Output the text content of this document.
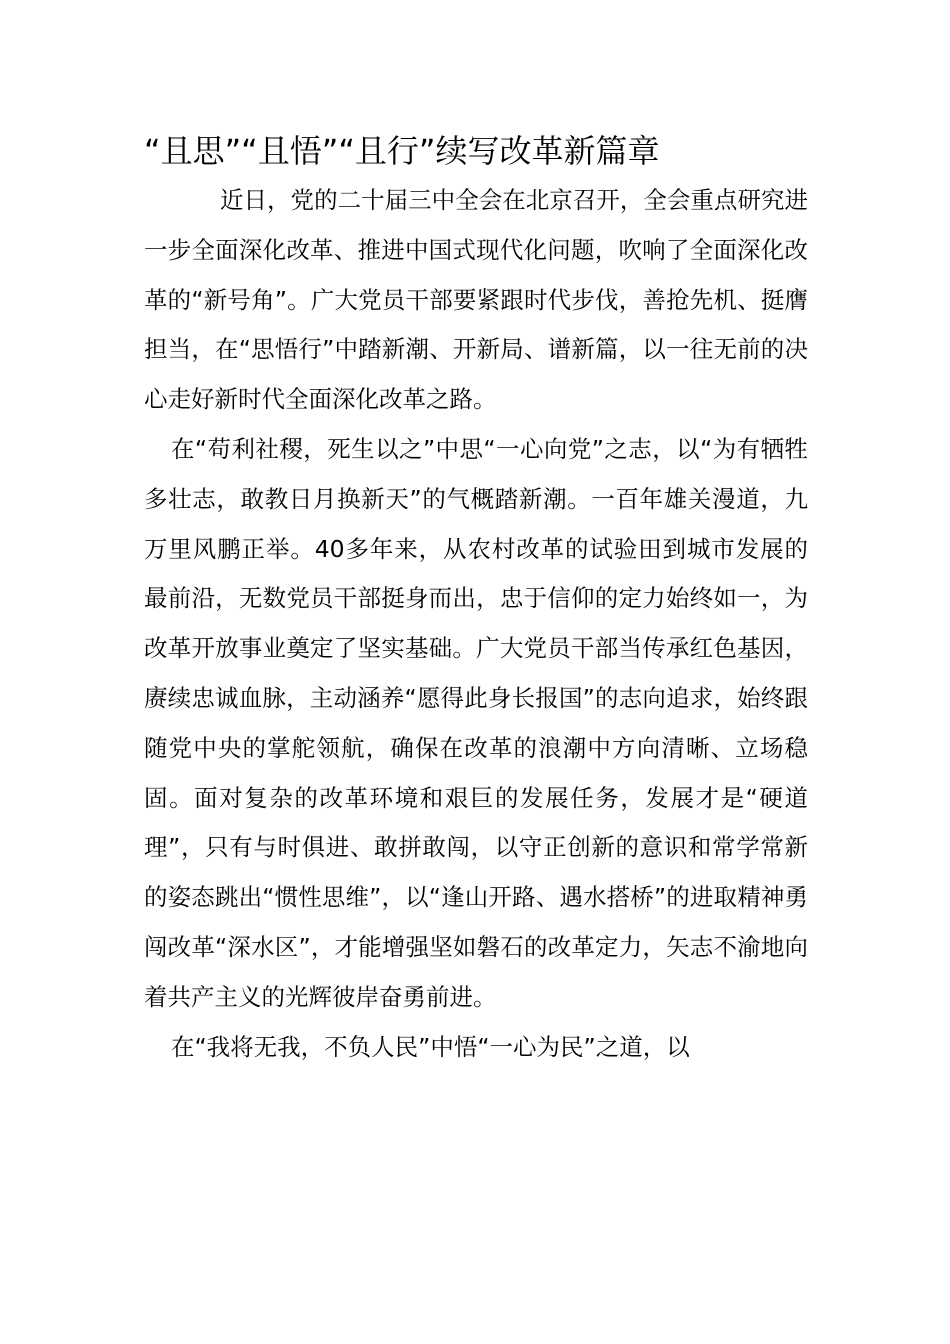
“且思”“且悟”“且行”续写改革新篇章

近日，党的二十届三中全会在北京召开，全会重点研究进一步全面深化改革、推进中国式现代化问题，吹响了全面深化改革的“新号角”。广大党员干部要紧跟时代步伐，善抢先机、挺膺担当，在“思悟行”中踏新潮、开新局、谱新篇，以一往无前的决心走好新时代全面深化改革之路。

在“苟利社稷，死生以之”中思“一心向党”之志，以“为有牺牲多壮志，敢教日月换新天”的气概踏新潮。一百年雄关漫道，九万里风鹏正举。40多年来，从农村改革的试验田到城市发展的最前沿，无数党员干部挺身而出，忠于信仰的定力始终如一，为改革开放事业奠定了坚实基础。广大党员干部当传承红色基因，赓续忠诚血脉，主动涵养“愿得此身长报国”的志向追求，始终跟随党中央的掌舵领航，确保在改革的浪潮中方向清晰、立场稳固。面对复杂的改革环境和艰巨的发展任务，发展才是“硬道理”，只有与时俱进、敢拼敢闯，以守正创新的意识和常学常新的姿态跳出“惯性思维”，以“逢山开路、遇水搭桥”的进取精神勇闯改革“深水区”，才能增强坚如磐石的改革定力，矢志不渝地向着共产主义的光辉彼岸奋勇前进。

在“我将无我，不负人民”中悟“一心为民”之道，以
